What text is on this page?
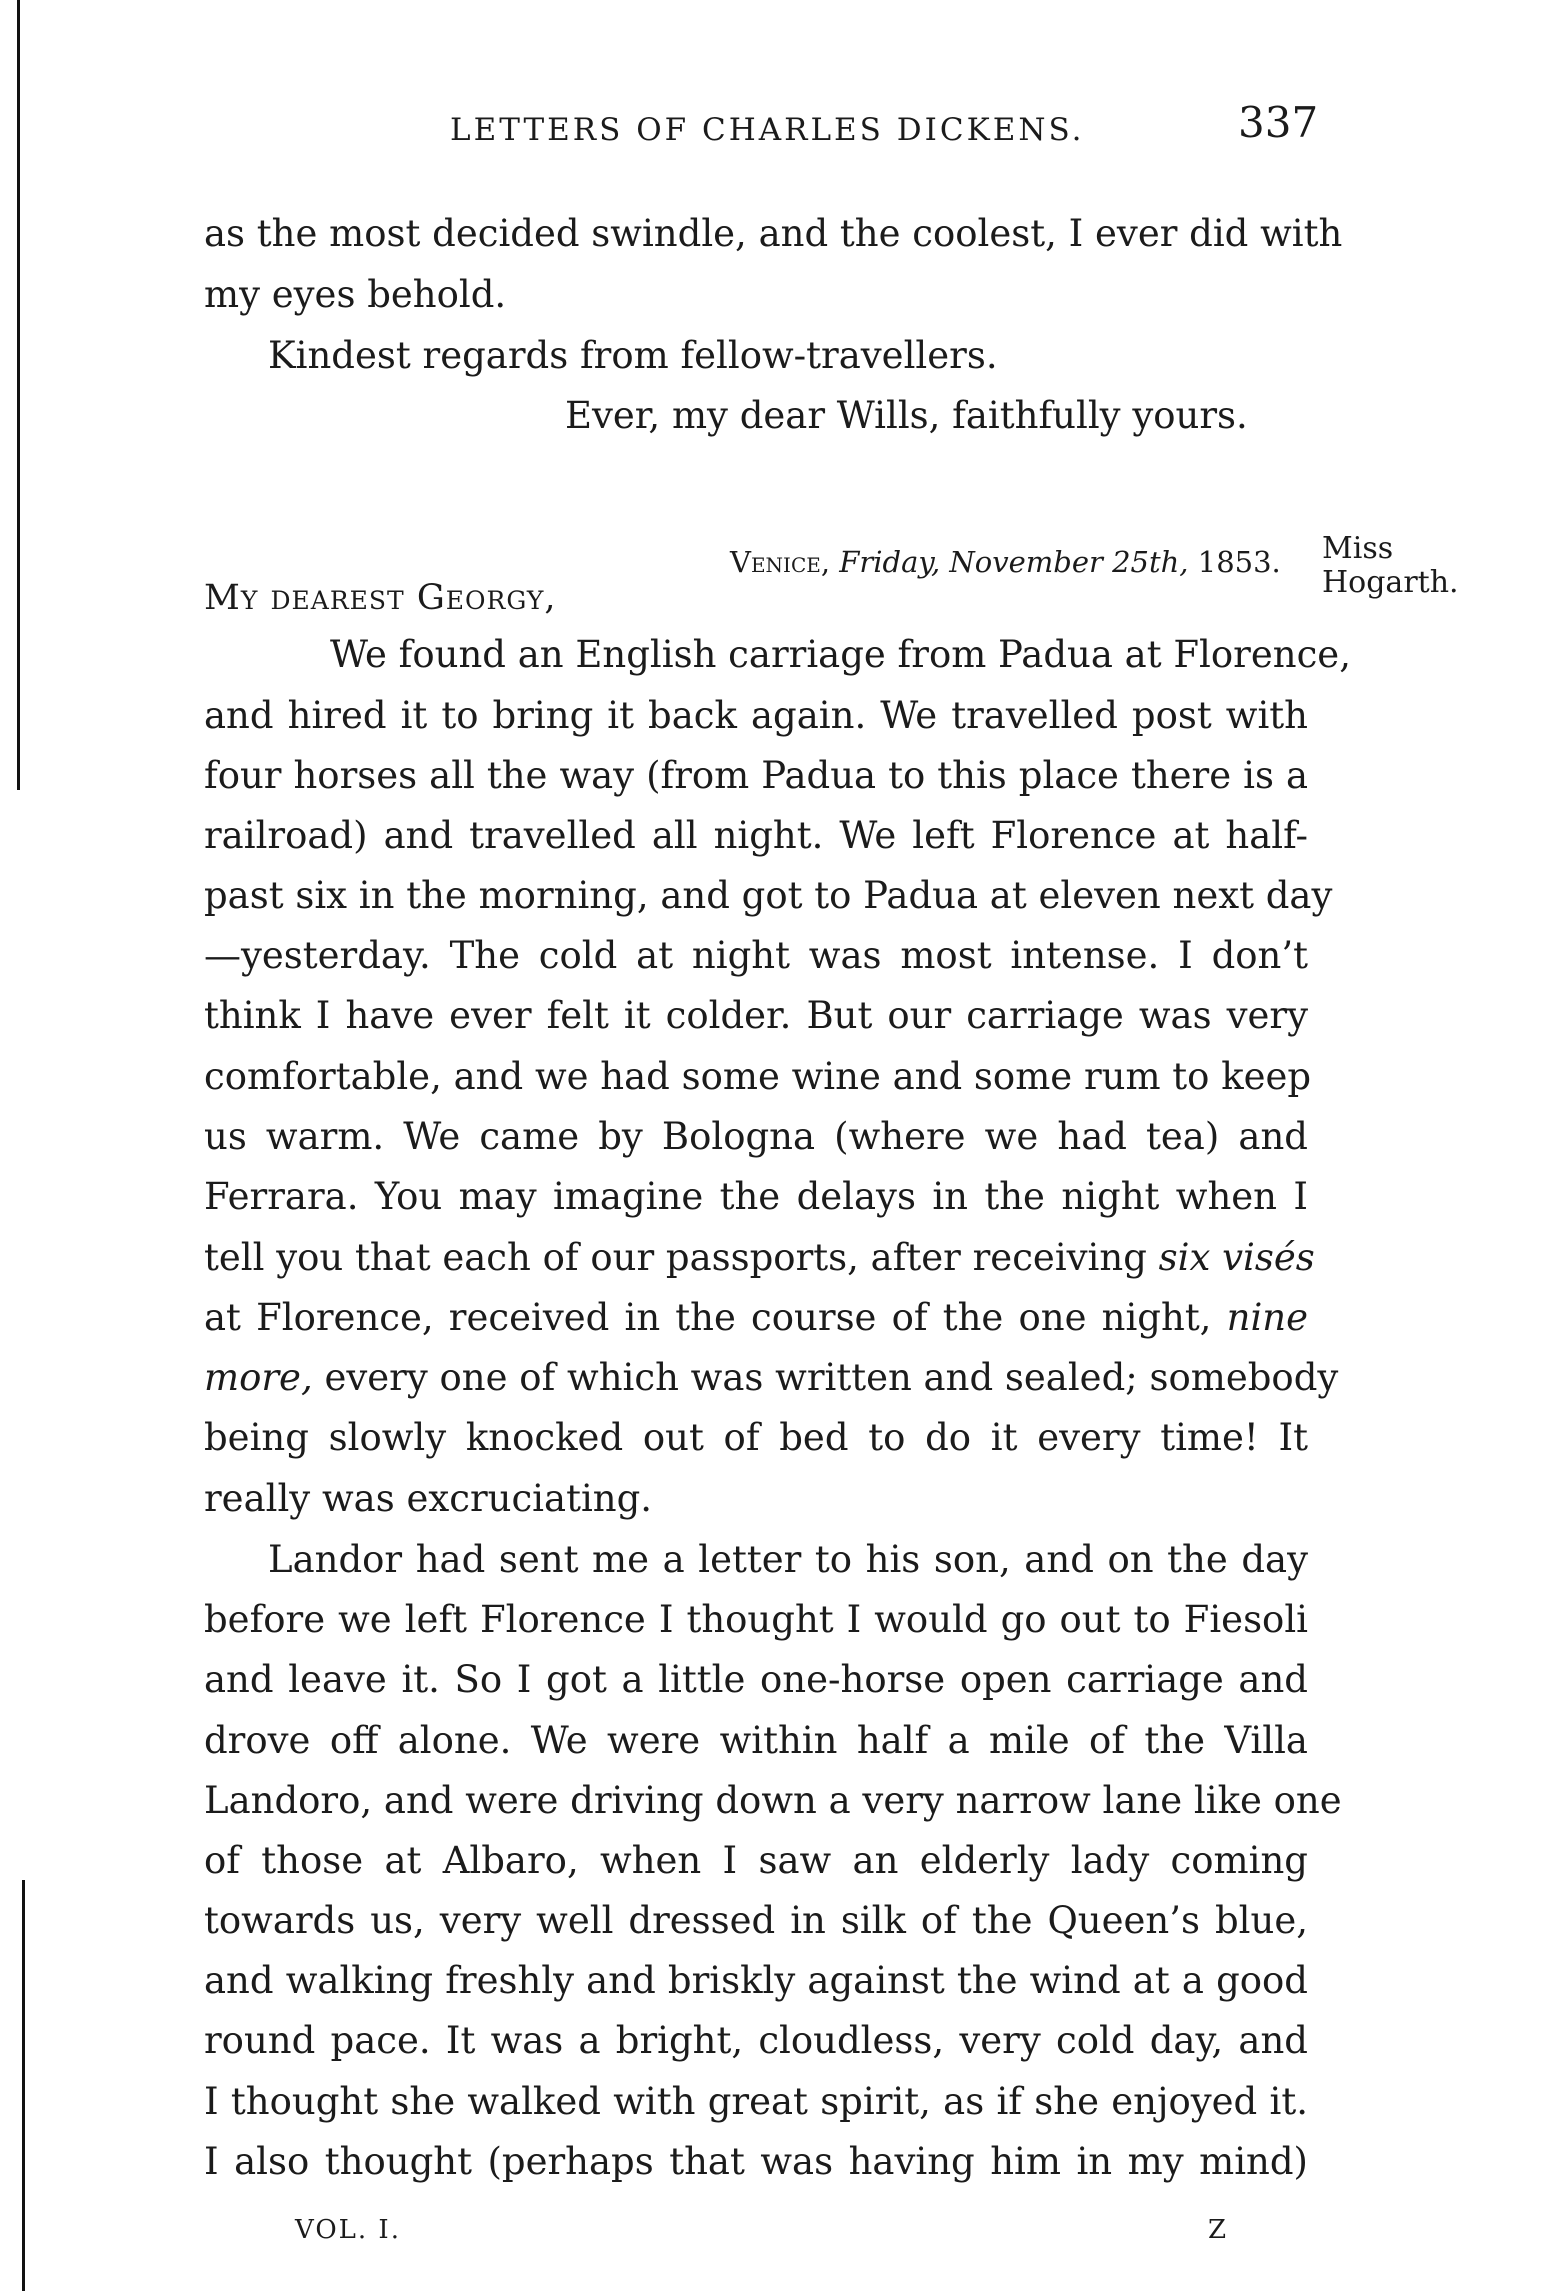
LETTERS OF CHARLES DICKENS.	337
as the most decided swindle, and the coolest, I ever did with
my eyes behold.
Kindest regards from fellow-travellers.
Ever, my dear Wills, faithfully yours.
Venice, Friday, November 25th, 1853. Miss
Hogarth.
My dearest Georgy,
We found an English carriage from Padua at Florence,
and hired it to bring it back again. We travelled post with
four horses all the way (from Padua to this place there is a
railroad) and travelled all night. We left Florence at half-
past six in the morning, and got to Padua at eleven next day
—yesterday. The cold at night was most intense. I don’t
think I have ever felt it colder. But our carriage was very
comfortable, and we had some wine and some rum to keep
us warm. We came by Bologna (where we had tea) and
Ferrara. You may imagine the delays in the night when I
tell you that each of our passports, after receiving six visés
at Florence, received in the course of the one night, nine
more, every one of which was written and sealed; somebody
being slowly knocked out of bed to do it every time! It
really was excruciating.
Landor had sent me a letter to his son, and on the day
before we left Florence I thought I would go out to Fiesoli
and leave it. So I got a little one-horse open carriage and
drove off alone. We were within half a mile of the Villa
Landoro, and were driving down a very narrow lane like one
of those at Albaro, when I saw an elderly lady coming
towards us, very well dressed in silk of the Queen’s blue,
and walking freshly and briskly against the wind at a good
round pace. It was a bright, cloudless, very cold day, and
I thought she walked with great spirit, as if she enjoyed it.
I also thought (perhaps that was having him in my mind)
VOL. I.	Z
